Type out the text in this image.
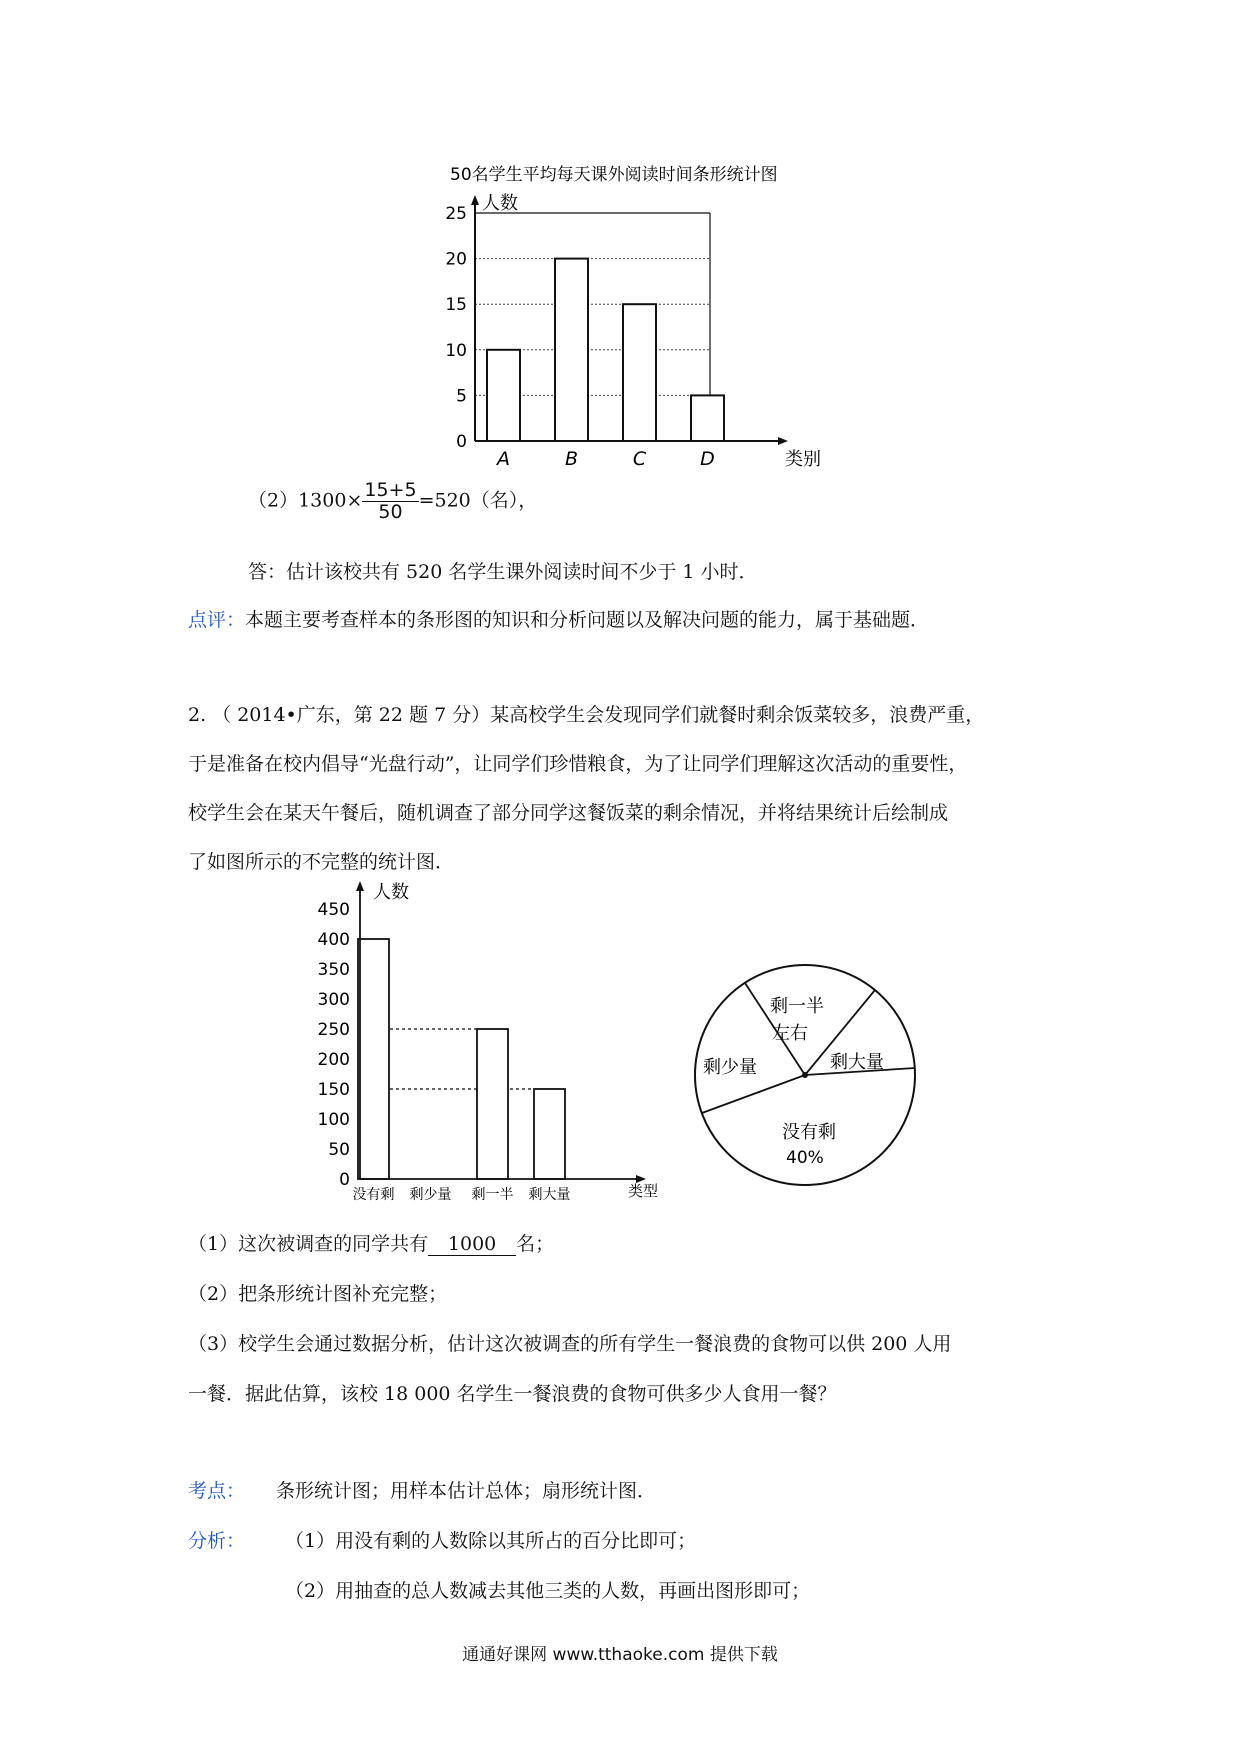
50名学生平均每天课外阅读时间条形统计图
人数
类别
0
5
10
15
20
25
A	B	C	D
$(2)1300\times \frac{15+5}{50} =520$（名），
答：估计该校共有 520 名学生课外阅读时间不少于 1 小时．
点评：本题主要考查样本的条形图的知识和分析问题以及解决问题的能力，属于基础题．
2. （ 2014•广东，第 22 题 7 分）某高校学生会发现同学们就餐时剩余饭菜较多，浪费严重，
于是准备在校内倡导“光盘行动”，让同学们珍惜粮食，为了让同学们理解这次活动的重要性，
校学生会在某天午餐后，随机调查了部分同学这餐饭菜的剩余情况，并将结果统计后绘制成
了如图所示的不完整的统计图．
人数
类型
0
50
100
150
200
250
300
350
400
450
没有剩 剩少量 剩一半 剩大量
剩一半
左右
剩大量
没有剩
40%
剩少量
（1）这次被调查的同学共有 1000 名；
（2）把条形统计图补充完整；
（3）校学生会通过数据分析，估计这次被调查的所有学生一餐浪费的食物可以供 200 人用
一餐．据此估算，该校 18 000 名学生一餐浪费的食物可供多少人食用一餐？
考点： 条形统计图；用样本估计总体；扇形统计图．
分析： （1）用没有剩的人数除以其所占的百分比即可；
（2）用抽查的总人数减去其他三类的人数，再画出图形即可；
通通好课网 www.tthaoke.com 提供下载
